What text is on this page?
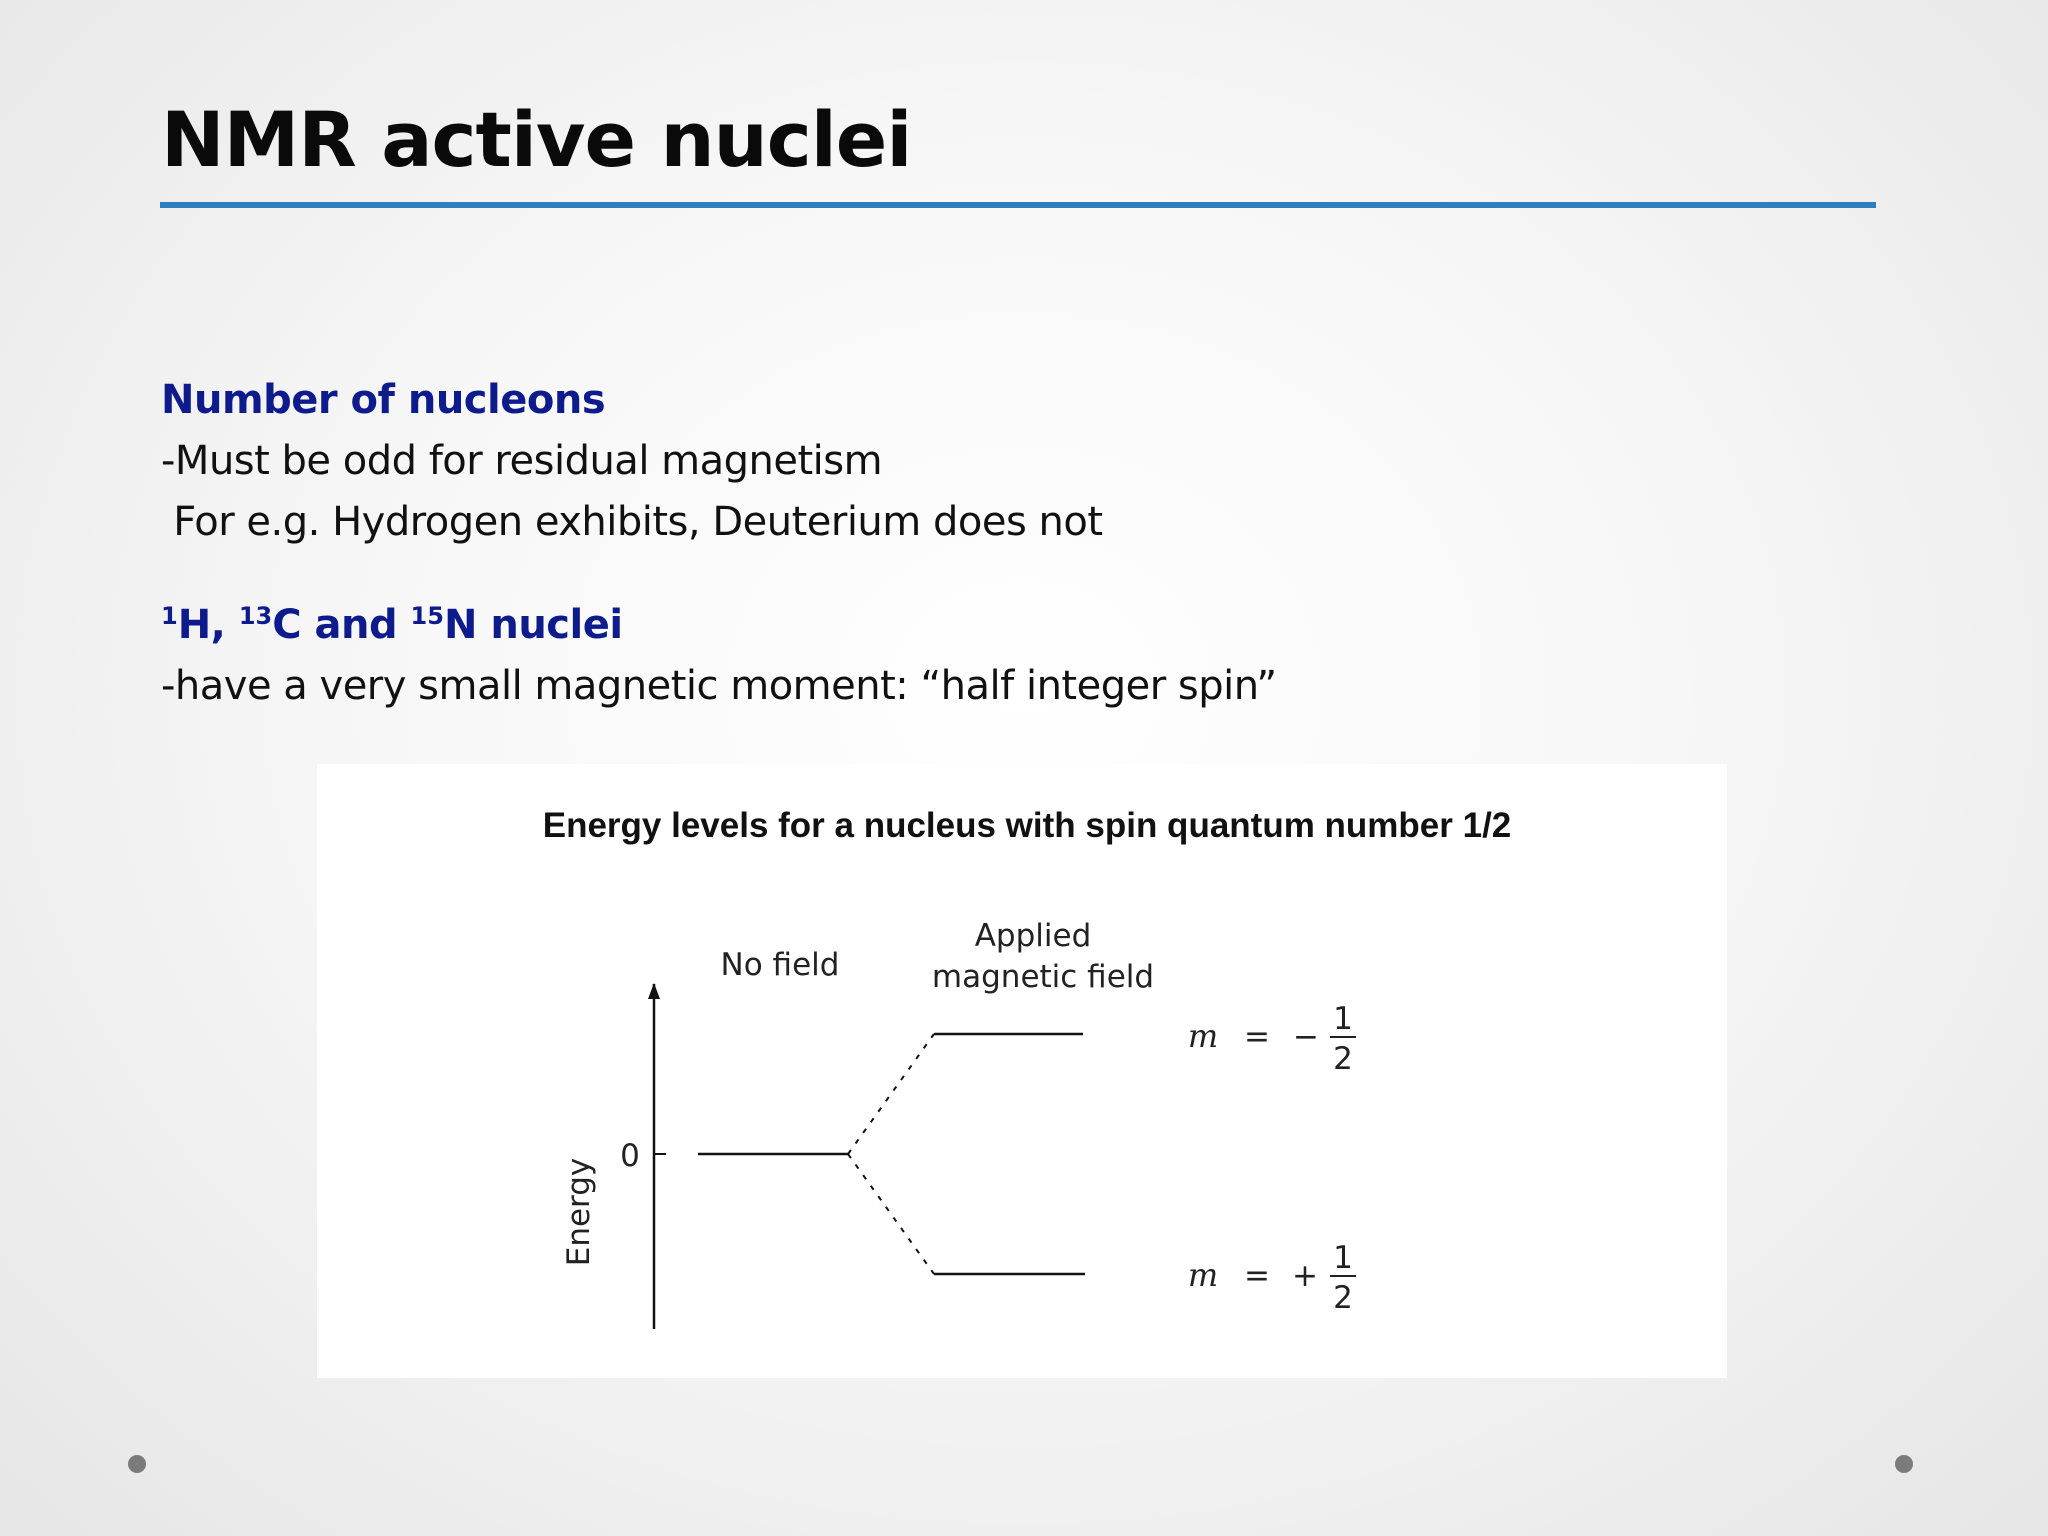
NMR active nuclei

Number of nucleons

-Must be odd for residual magnetism

For e.g. Hydrogen exhibits, Deuterium does not

$^1$H, $^{13}$C and $^{15}$N nuclei

-have a very small magnetic moment: “half integer spin”

Energy levels for a nucleus with spin quantum number 1/2
Energy
0
No field
Applied
magnetic field
m = − 1
2
m = + 1
2
